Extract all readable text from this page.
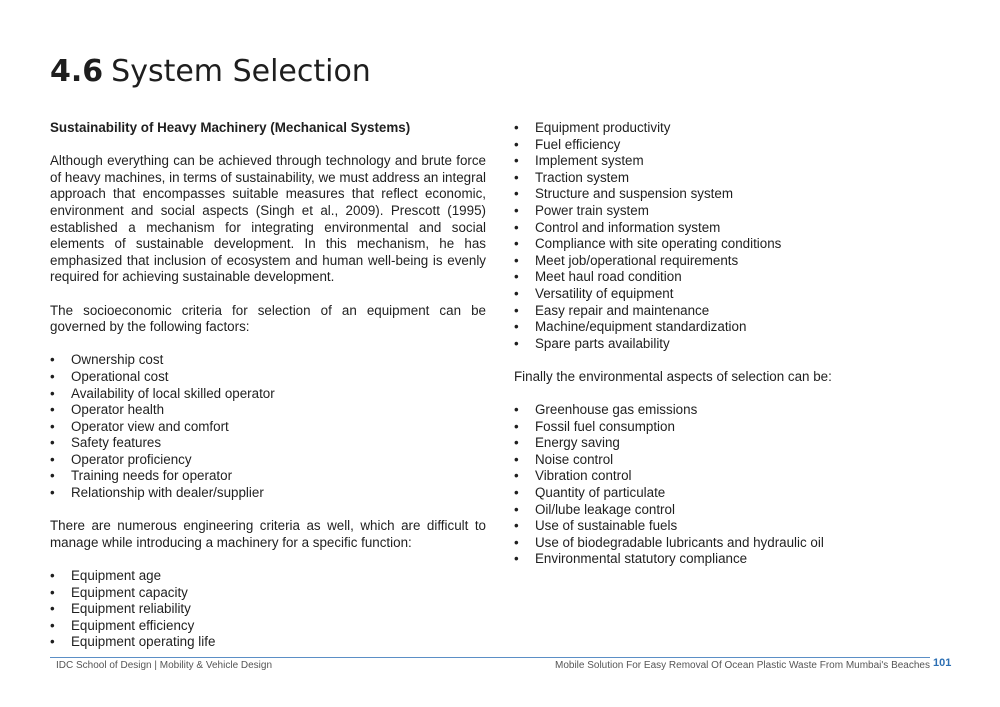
4.6 System Selection
Sustainability of Heavy Machinery (Mechanical Systems)

Although everything can be achieved through technology and brute force of heavy machines, in terms of sustainability, we must address an integral approach that encompasses suitable measures that reflect economic, environment and social aspects (Singh et al., 2009). Prescott (1995) established a mechanism for integrating environmental and social elements of sustainable development. In this mechanism, he has emphasized that inclusion of ecosystem and human well-being is evenly required for achieving sustainable development.

The socioeconomic criteria for selection of an equipment can be governed by the following factors:

• Ownership cost
• Operational cost
• Availability of local skilled operator
• Operator health
• Operator view and comfort
• Safety features
• Operator proficiency
• Training needs for operator
• Relationship with dealer/supplier

There are numerous engineering criteria as well, which are difficult to manage while introducing a machinery for a specific function:

• Equipment age
• Equipment capacity
• Equipment reliability
• Equipment efficiency
• Equipment operating life
• Equipment productivity
• Fuel efficiency
• Implement system
• Traction system
• Structure and suspension system
• Power train system
• Control and information system
• Compliance with site operating conditions
• Meet job/operational requirements
• Meet haul road condition
• Versatility of equipment
• Easy repair and maintenance
• Machine/equipment standardization
• Spare parts availability

Finally the environmental aspects of selection can be:

• Greenhouse gas emissions
• Fossil fuel consumption
• Energy saving
• Noise control
• Vibration control
• Quantity of particulate
• Oil/lube leakage control
• Use of sustainable fuels
• Use of biodegradable lubricants and hydraulic oil
• Environmental statutory compliance
IDC School of Design | Mobility & Vehicle Design	Mobile Solution For Easy Removal Of Ocean Plastic Waste From Mumbai's Beaches 101
